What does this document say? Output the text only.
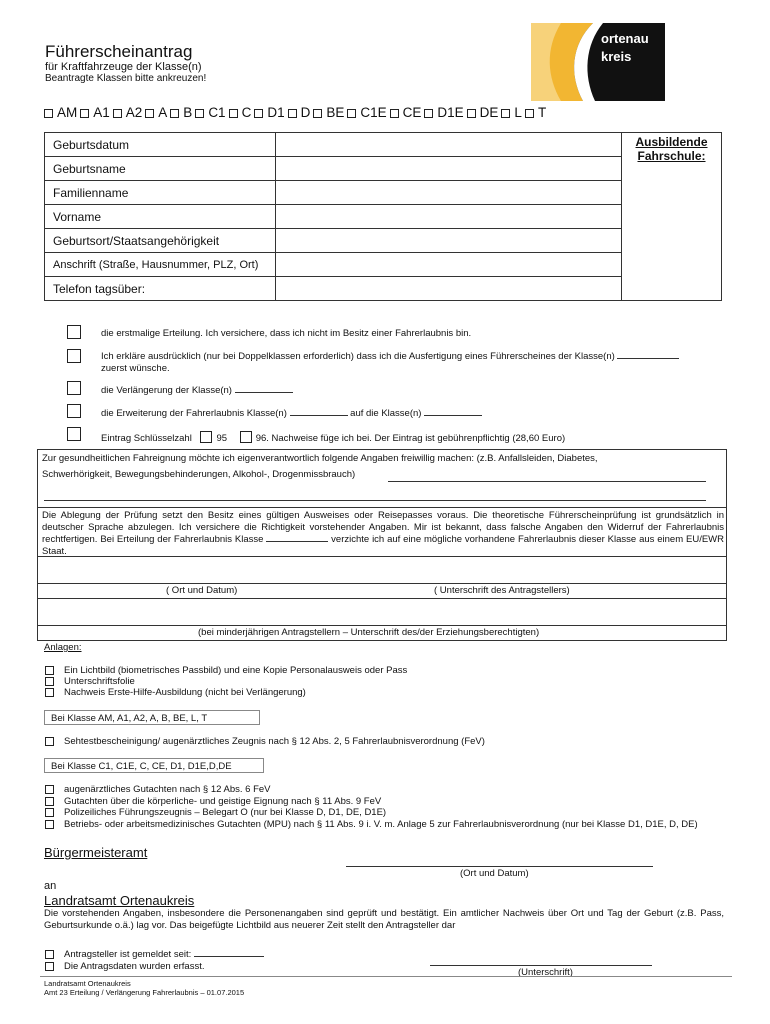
Führerscheinantrag
für Kraftfahrzeuge der Klasse(n)
Beantragte Klassen bitte ankreuzen!
ortenau
kreis
AM A1 A2 A B C1 C D1 D BE C1E CE D1E DE L T
Geburtsdatum		Ausbildende
Fahrschule:

Geburtsname		
Familienname		
Vorname		
Geburtsort/Staatsangehörigkeit		
Anschrift (Straße, Hausnummer, PLZ, Ort)		
Telefon tagsüber:		
die erstmalige Erteilung. Ich versichere, dass ich nicht im Besitz einer Fahrerlaubnis bin.
Ich erkläre ausdrücklich (nur bei Doppelklassen erforderlich) dass ich die Ausfertigung eines Führerscheines der Klasse(n)
zuerst wünsche.
die Verlängerung der Klasse(n)
die Erweiterung der Fahrerlaubnis Klasse(n)	auf die Klasse(n)
Eintrag Schlüsselzahl	95	96. Nachweise füge ich bei. Der Eintrag ist gebührenpflichtig (28,60 Euro)
Zur gesundheitlichen Fahreignung möchte ich eigenverantwortlich folgende Angaben freiwillig machen: (z.B. Anfallsleiden, Diabetes,
Schwerhörigkeit, Bewegungsbehinderungen, Alkohol-, Drogenmissbrauch)
Die Ablegung der Prüfung setzt den Besitz eines gültigen Ausweises oder Reisepasses voraus. Die theoretische Führerscheinprüfung ist grundsätzlich in deutscher Sprache abzulegen. Ich versichere die Richtigkeit vorstehender Angaben. Mir ist bekannt, dass falsche Angaben den Widerruf der Fahrerlaubnis rechtfertigen. Bei Erteilung der Fahrerlaubnis Klasse	verzichte ich auf eine mögliche vorhandene Fahrerlaubnis dieser Klasse aus einem EU/EWR Staat.
( Ort und Datum)	( Unterschrift des Antragstellers)
(bei minderjährigen Antragstellern – Unterschrift des/der Erziehungsberechtigten)
Anlagen:
Ein Lichtbild (biometrisches Passbild) und eine Kopie Personalausweis oder Pass
Unterschriftsfolie
Nachweis Erste-Hilfe-Ausbildung (nicht bei Verlängerung)
Bei Klasse AM, A1, A2, A, B, BE, L, T
Sehtestbescheinigung/ augenärztliches Zeugnis nach § 12 Abs. 2, 5 Fahrerlaubnisverordnung (FeV)
Bei Klasse C1, C1E, C, CE, D1, D1E,D,DE
augenärztliches Gutachten nach § 12 Abs. 6 FeV
Gutachten über die körperliche- und geistige Eignung nach § 11 Abs. 9 FeV
Polizeiliches Führungszeugnis – Belegart O (nur bei Klasse D, D1, DE, D1E)
Betriebs- oder arbeitsmedizinisches Gutachten (MPU) nach § 11 Abs. 9 i. V. m. Anlage 5 zur Fahrerlaubnisverordnung (nur bei Klasse D1, D1E, D, DE)
Bürgermeisteramt
(Ort und Datum)
an
Landratsamt Ortenaukreis
Die vorstehenden Angaben, insbesondere die Personenangaben sind geprüft und bestätigt. Ein amtlicher Nachweis über Ort und Tag der Geburt (z.B. Pass, Geburtsurkunde o.ä.) lag vor. Das beigefügte Lichtbild aus neuerer Zeit stellt den Antragsteller dar
Antragsteller ist gemeldet seit:
Die Antragsdaten wurden erfasst.
(Unterschrift)
Landratsamt Ortenaukreis
Amt 23 Erteilung / Verlängerung Fahrerlaubnis – 01.07.2015
